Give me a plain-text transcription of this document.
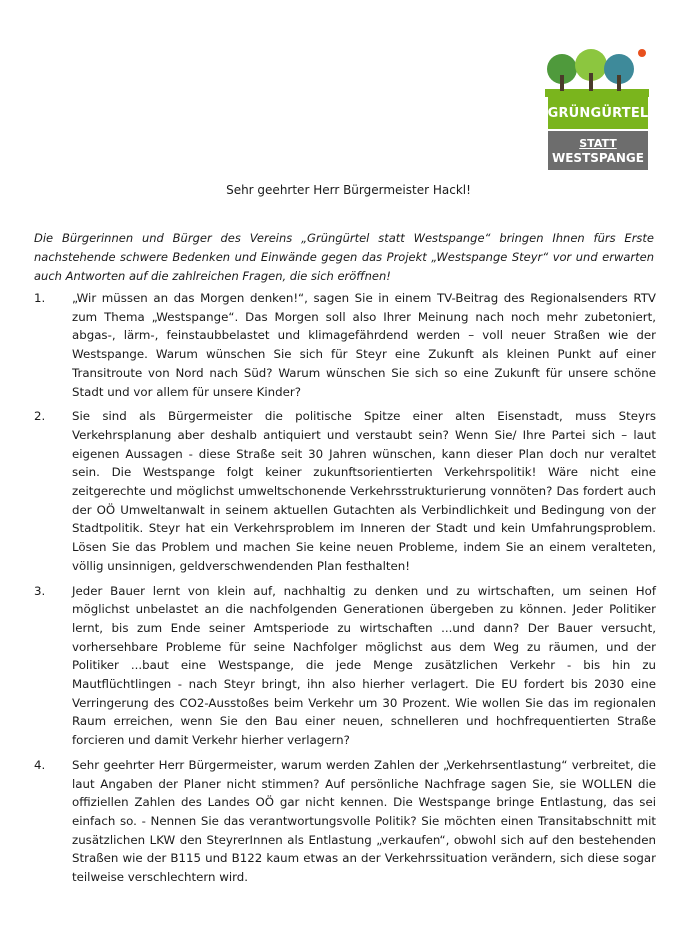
GRÜNGÜRTEL
STATT
WESTSPANGE
Sehr geehrter Herr Bürgermeister Hackl!
Die Bürgerinnen und Bürger des Vereins „Grüngürtel statt Westspange“ bringen Ihnen fürs Erste nachstehende schwere Bedenken und Einwände gegen das Projekt „Westspange Steyr“ vor und erwarten auch Antworten auf die zahlreichen Fragen, die sich eröffnen!
1. „Wir müssen an das Morgen denken!“, sagen Sie in einem TV-Beitrag des Regionalsenders RTV zum Thema „Westspange“. Das Morgen soll also Ihrer Meinung nach noch mehr zubetoniert, abgas-, lärm-, feinstaubbelastet und klimagefährdend werden – voll neuer Straßen wie der Westspange. Warum wünschen Sie sich für Steyr eine Zukunft als kleinen Punkt auf einer Transitroute von Nord nach Süd? Warum wünschen Sie sich so eine Zukunft für unsere schöne Stadt und vor allem für unsere Kinder?
2. Sie sind als Bürgermeister die politische Spitze einer alten Eisenstadt, muss Steyrs Verkehrsplanung aber deshalb antiquiert und verstaubt sein? Wenn Sie/ Ihre Partei sich – laut eigenen Aussagen - diese Straße seit 30 Jahren wünschen, kann dieser Plan doch nur veraltet sein. Die Westspange folgt keiner zukunftsorientierten Verkehrspolitik! Wäre nicht eine zeitgerechte und möglichst umweltschonende Verkehrsstrukturierung vonnöten? Das fordert auch der OÖ Umweltanwalt in seinem aktuellen Gutachten als Verbindlichkeit und Bedingung von der Stadtpolitik. Steyr hat ein Verkehrsproblem im Inneren der Stadt und kein Umfahrungsproblem. Lösen Sie das Problem und machen Sie keine neuen Probleme, indem Sie an einem veralteten, völlig unsinnigen, geldverschwendenden Plan festhalten!
3. Jeder Bauer lernt von klein auf, nachhaltig zu denken und zu wirtschaften, um seinen Hof möglichst unbelastet an die nachfolgenden Generationen übergeben zu können. Jeder Politiker lernt, bis zum Ende seiner Amtsperiode zu wirtschaften ...und dann? Der Bauer versucht, vorhersehbare Probleme für seine Nachfolger möglichst aus dem Weg zu räumen, und der Politiker ...baut eine Westspange, die jede Menge zusätzlichen Verkehr - bis hin zu Mautflüchtlingen - nach Steyr bringt, ihn also hierher verlagert. Die EU fordert bis 2030 eine Verringerung des CO2-Ausstoßes beim Verkehr um 30 Prozent. Wie wollen Sie das im regionalen Raum erreichen, wenn Sie den Bau einer neuen, schnelleren und hochfrequentierten Straße forcieren und damit Verkehr hierher verlagern?
4. Sehr geehrter Herr Bürgermeister, warum werden Zahlen der „Verkehrsentlastung“ verbreitet, die laut Angaben der Planer nicht stimmen? Auf persönliche Nachfrage sagen Sie, sie WOLLEN die offiziellen Zahlen des Landes OÖ gar nicht kennen. Die Westspange bringe Entlastung, das sei einfach so. - Nennen Sie das verantwortungsvolle Politik? Sie möchten einen Transitabschnitt mit zusätzlichen LKW den SteyrerInnen als Entlastung „verkaufen“, obwohl sich auf den bestehenden Straßen wie der B115 und B122 kaum etwas an der Verkehrssituation verändern, sich diese sogar teilweise verschlechtern wird.
